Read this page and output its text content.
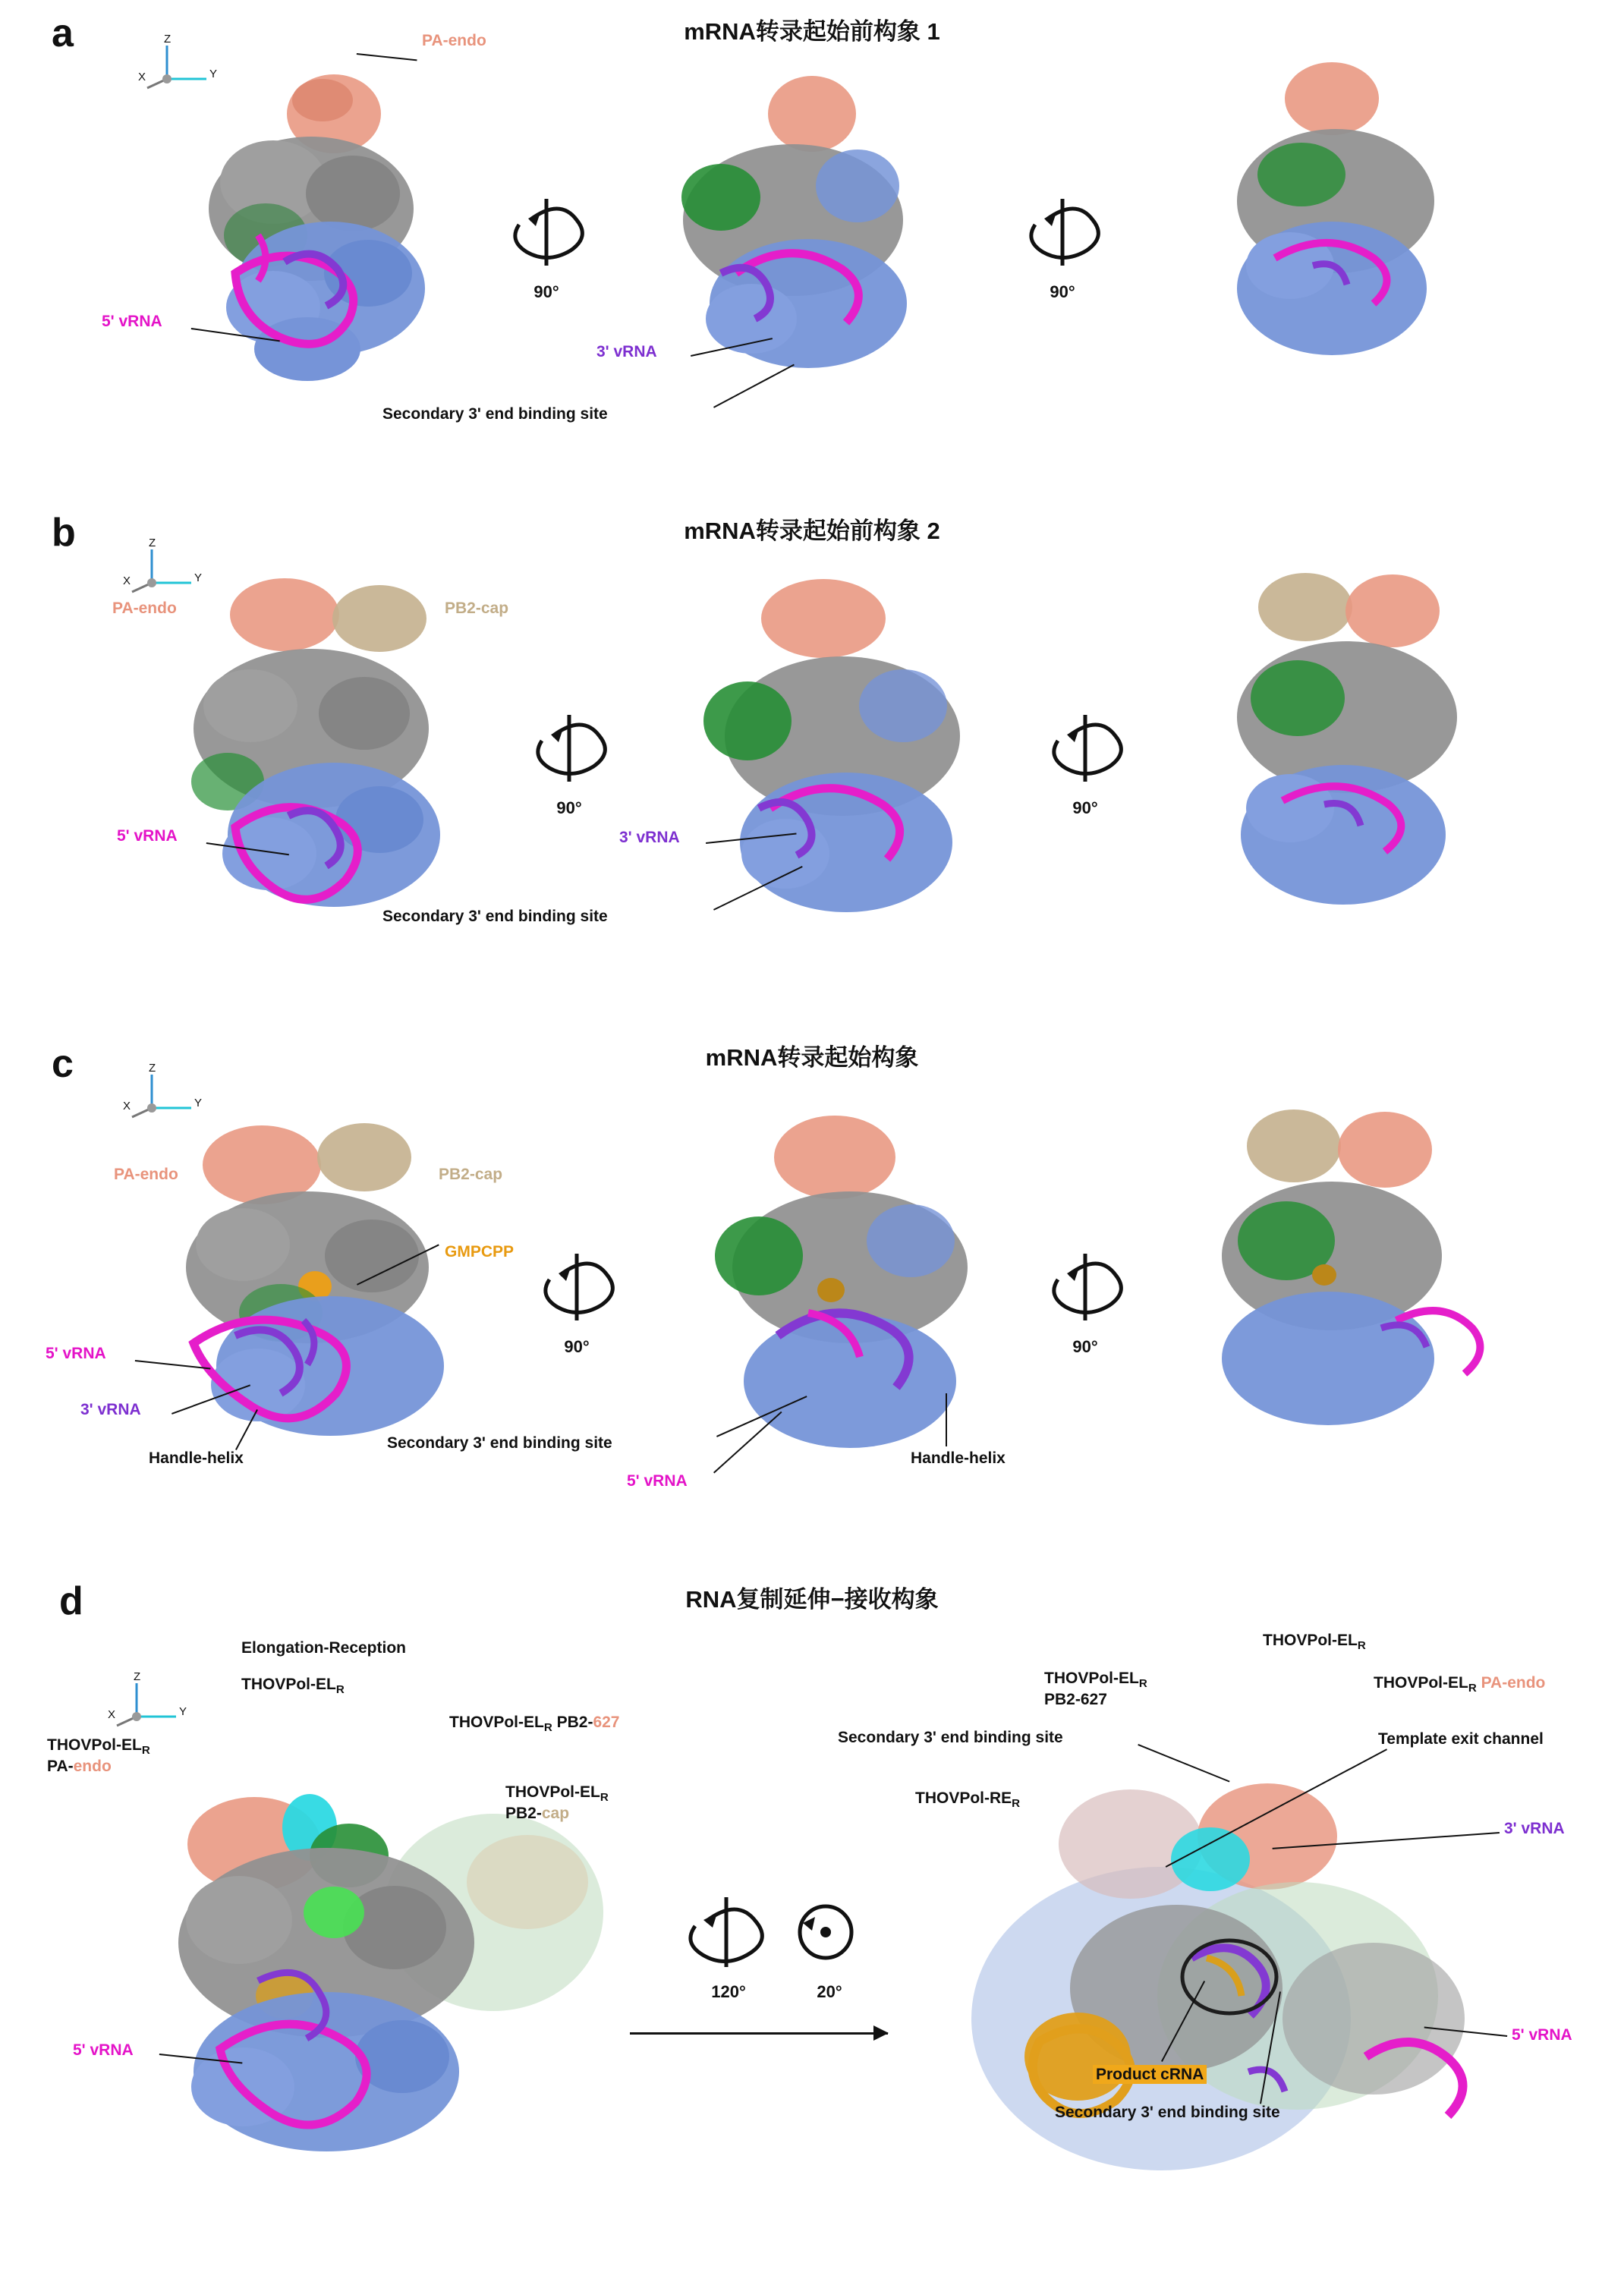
a	mRNA转录起始前构象 1
Z
Y
X
90°	90°
PA-endo
5' vRNA
3' vRNA
Secondary 3' end binding site
b	mRNA转录起始前构象 2
Z
Y
X
90°	90°
PA-endo	PB2-cap
5' vRNA	3' vRNA
Secondary 3' end binding site
c	mRNA转录起始构象
Z
Y
X
90°	90°
PA-endo	PB2-cap
GMPCPP
5' vRNA
3' vRNA
Handle-helix
Secondary 3' end binding site
5' vRNA
Handle-helix
d	RNA复制延伸−接收构象
Z
Y
X
120°	20°
Elongation-Reception
THOVPol-$EL_R$
THOVPol-$EL_R$ PB2-627
THOVPol-$EL_R$
PA-endo
THOVPol-$EL_R$
PB2-cap
5' vRNA
Secondary 3' end binding site
THOVPol-$EL_R$
PB2-627
THOVPol-$EL_R$
THOVPol-$EL_R$ PA-endo
Template exit channel
THOVPol-$RE_R$
3' vRNA
5' vRNA
Product cRNA
Secondary 3' end binding site
